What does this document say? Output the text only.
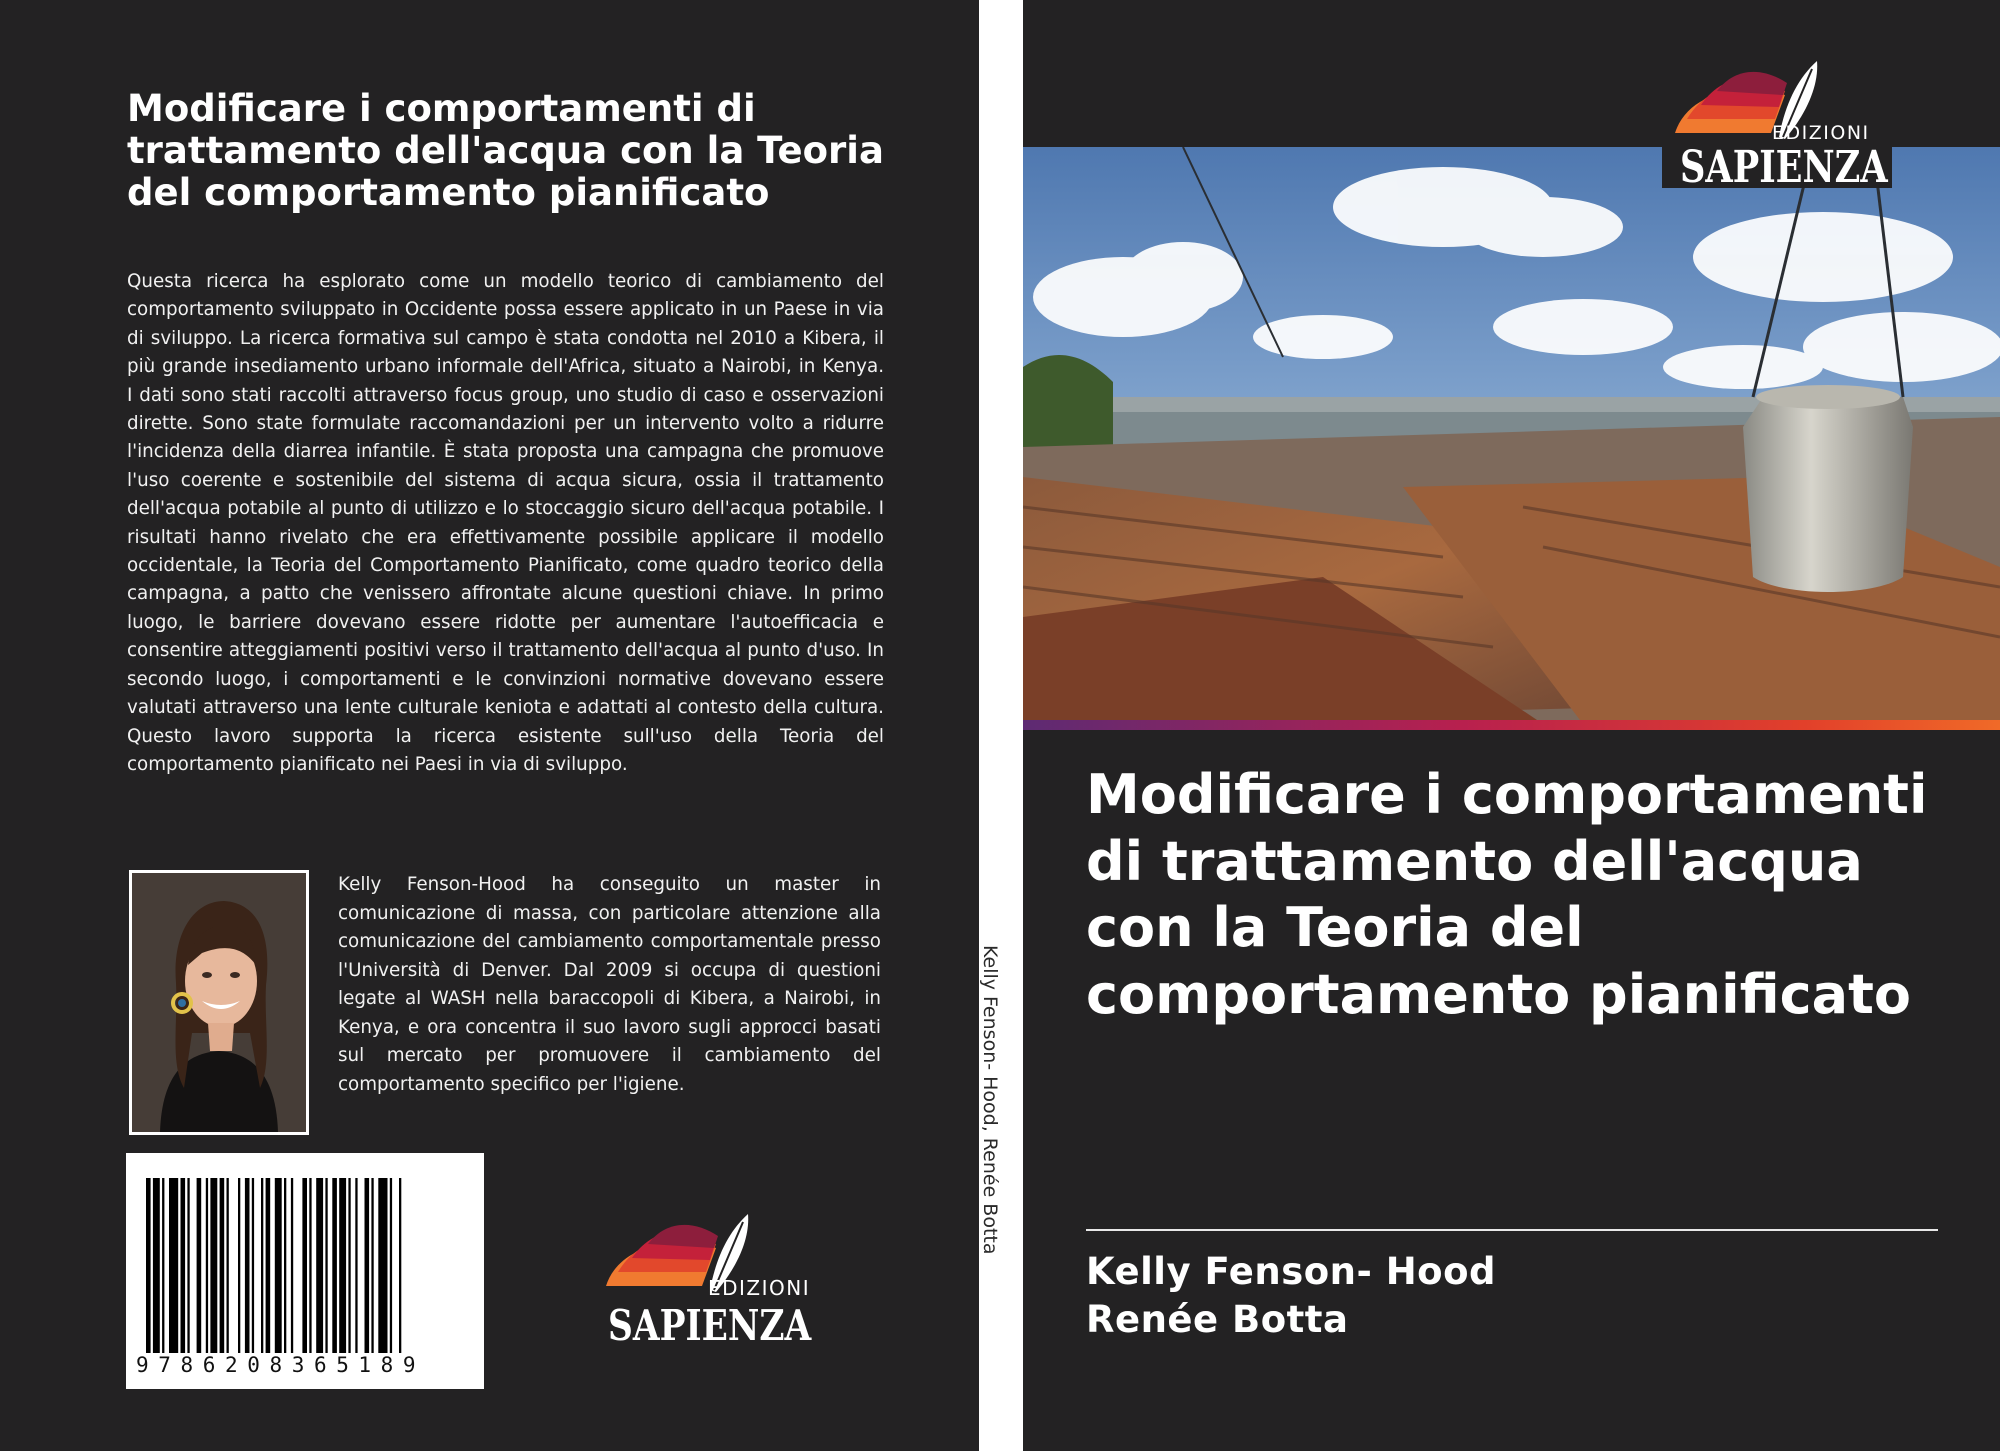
Modificare i comportamenti di trattamento dell'acqua con la Teoria del comportamento pianificato

Questa ricerca ha esplorato come un modello teorico di cambiamento del comportamento sviluppato in Occidente possa essere applicato in un Paese in via di sviluppo. La ricerca formativa sul campo è stata condotta nel 2010 a Kibera, il più grande insediamento urbano informale dell'Africa, situato a Nairobi, in Kenya. I dati sono stati raccolti attraverso focus group, uno studio di caso e osservazioni dirette. Sono state formulate raccomandazioni per un intervento volto a ridurre l'incidenza della diarrea infantile. È stata proposta una campagna che promuove l'uso coerente e sostenibile del sistema di acqua sicura, ossia il trattamento dell'acqua potabile al punto di utilizzo e lo stoccaggio sicuro dell'acqua potabile. I risultati hanno rivelato che era effettivamente possibile applicare il modello occidentale, la Teoria del Comportamento Pianificato, come quadro teorico della campagna, a patto che venissero affrontate alcune questioni chiave. In primo luogo, le barriere dovevano essere ridotte per aumentare l'autoefficacia e consentire atteggiamenti positivi verso il trattamento dell'acqua al punto d'uso. In secondo luogo, i comportamenti e le convinzioni normative dovevano essere valutati attraverso una lente culturale keniota e adattati al contesto della cultura. Questo lavoro supporta la ricerca esistente sull'uso della Teoria del comportamento pianificato nei Paesi in via di sviluppo.

Kelly Fenson-Hood ha conseguito un master in comunicazione di massa, con particolare attenzione alla comunicazione del cambiamento comportamentale presso l'Università di Denver. Dal 2009 si occupa di questioni legate al WASH nella baraccopoli di Kibera, a Nairobi, in Kenya, e ora concentra il suo lavoro sugli approcci basati sul mercato per promuovere il cambiamento del comportamento specifico per l'igiene.

9786208365189
EDIZIONI
SAPIENZA
Kelly Fenson- Hood, Renée Botta
EDIZIONI
SAPIENZA
Modificare i comportamenti di trattamento dell'acqua con la Teoria del comportamento pianificato
Kelly Fenson- Hood
Renée Botta
